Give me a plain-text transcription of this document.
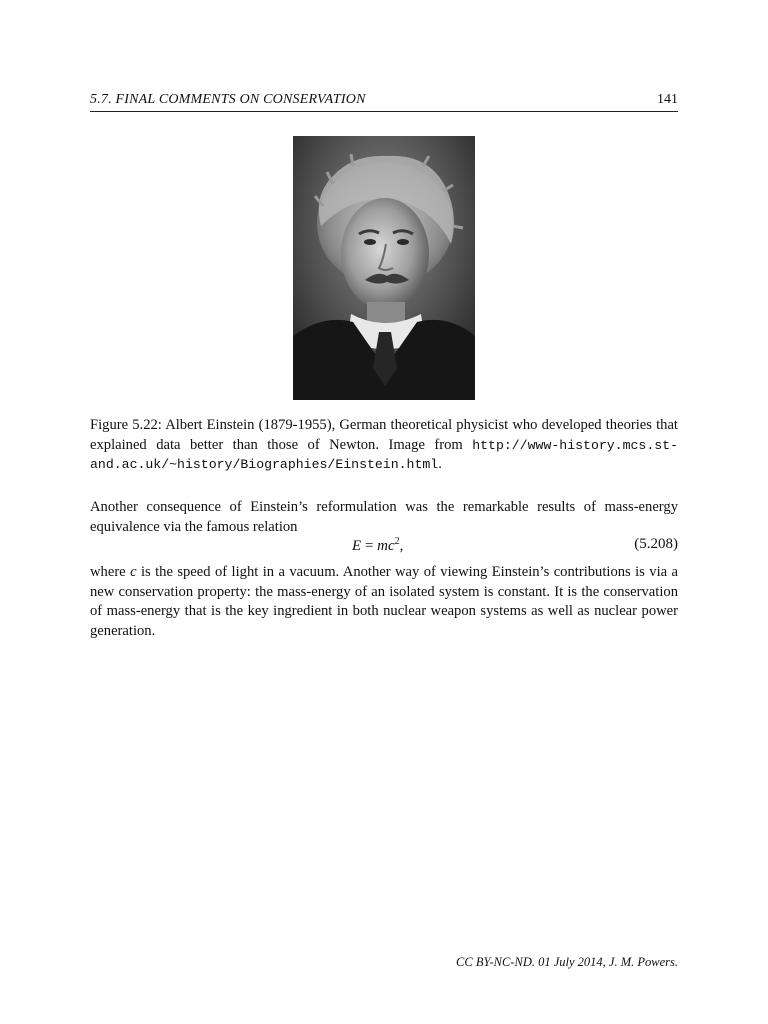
5.7. FINAL COMMENTS ON CONSERVATION	141
Figure 5.22: Albert Einstein (1879-1955), German theoretical physicist who developed theories that explained data better than those of Newton. Image from http://www-history.mcs.st-and.ac.uk/~history/Biographies/Einstein.html.
Another consequence of Einstein’s reformulation was the remarkable results of mass-energy equivalence via the famous relation
$E = mc^2$,	(5.208)
where c is the speed of light in a vacuum. Another way of viewing Einstein’s contributions is via a new conservation property: the mass-energy of an isolated system is constant. It is the conservation of mass-energy that is the key ingredient in both nuclear weapon systems as well as nuclear power generation.
CC BY-NC-ND. 01 July 2014, J. M. Powers.
